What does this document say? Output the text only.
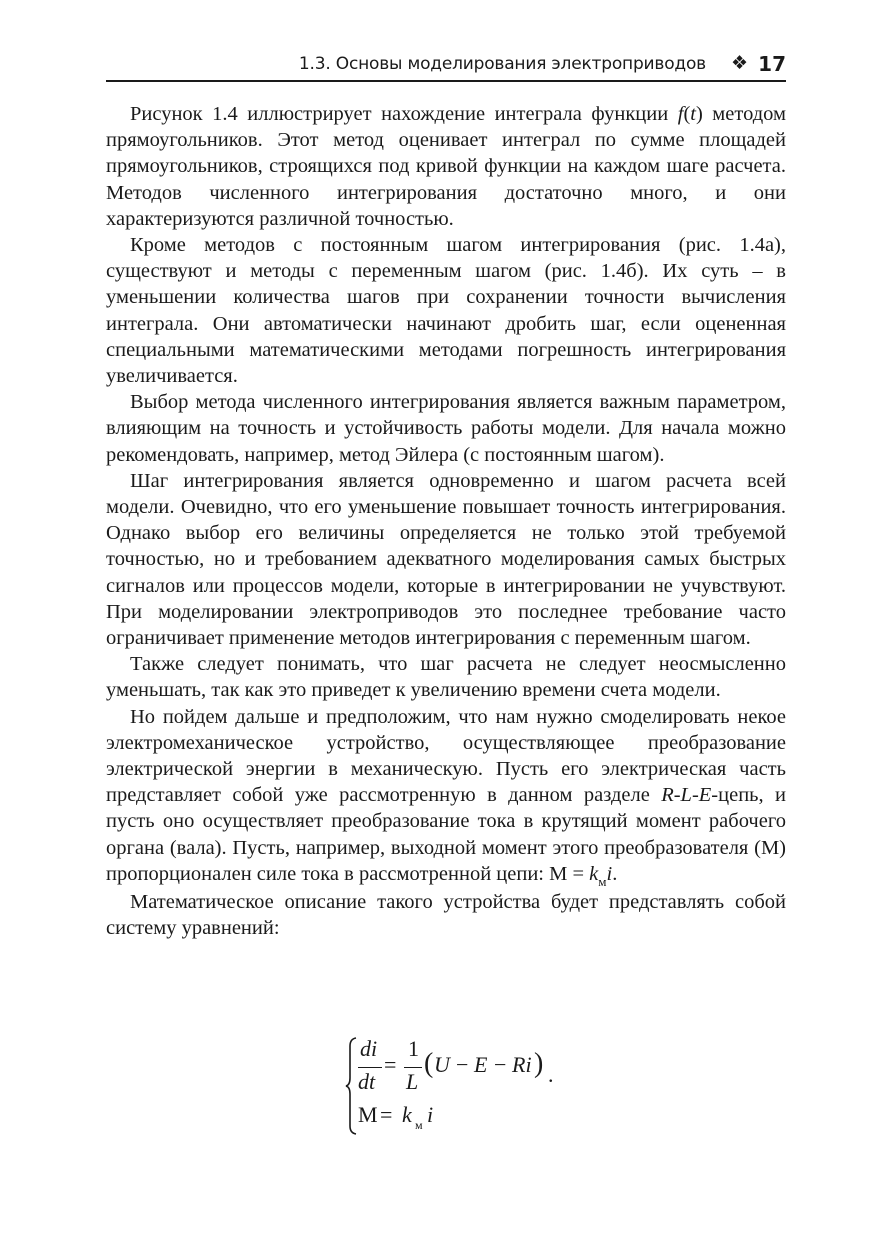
1.3. Основы моделирования электроприводов ❖ 17

Рисунок 1.4 иллюстрирует нахождение интеграла функции f(t) методом прямоугольников. Этот метод оценивает интеграл по сумме площадей прямоугольников, строящихся под кривой функции на каждом шаге расчета. Методов численного интегрирования достаточно много, и они характеризуются различной точностью.

Кроме методов с постоянным шагом интегрирования (рис. 1.4а), существуют и методы с переменным шагом (рис. 1.4б). Их суть – в уменьшении количества шагов при сохранении точности вычисления интеграла. Они автоматически начинают дробить шаг, если оцененная специальными математическими методами погрешность интегрирования увеличивается.

Выбор метода численного интегрирования является важным параметром, влияющим на точность и устойчивость работы модели. Для начала можно рекомендовать, например, метод Эйлера (с постоянным шагом).

Шаг интегрирования является одновременно и шагом расчета всей модели. Очевидно, что его уменьшение повышает точность интегрирования. Однако выбор его величины определяется не только этой требуемой точностью, но и требованием адекватного моделирования самых быстрых сигналов или процессов модели, которые в интегрировании не учувствуют. При моделировании электроприводов это последнее требование часто ограничивает применение методов интегрирования с переменным шагом.

Также следует понимать, что шаг расчета не следует неосмысленно уменьшать, так как это приведет к увеличению времени счета модели.

Но пойдем дальше и предположим, что нам нужно смоделировать некое электромеханическое устройство, осуществляющее преобразование электрической энергии в механическую. Пусть его электрическая часть представляет собой уже рассмотренную в данном разделе R-L-E-цепь, и пусть оно осуществляет преобразование тока в крутящий момент рабочего органа (вала). Пусть, например, выходной момент этого преобразователя (М) пропорционален силе тока в рассмотренной цепи: $М = k_мi$.

Математическое описание такого устройства будет представлять собой систему уравнений:

di
dt
=
1
L
( U − E − Ri ) .
M = k м i
